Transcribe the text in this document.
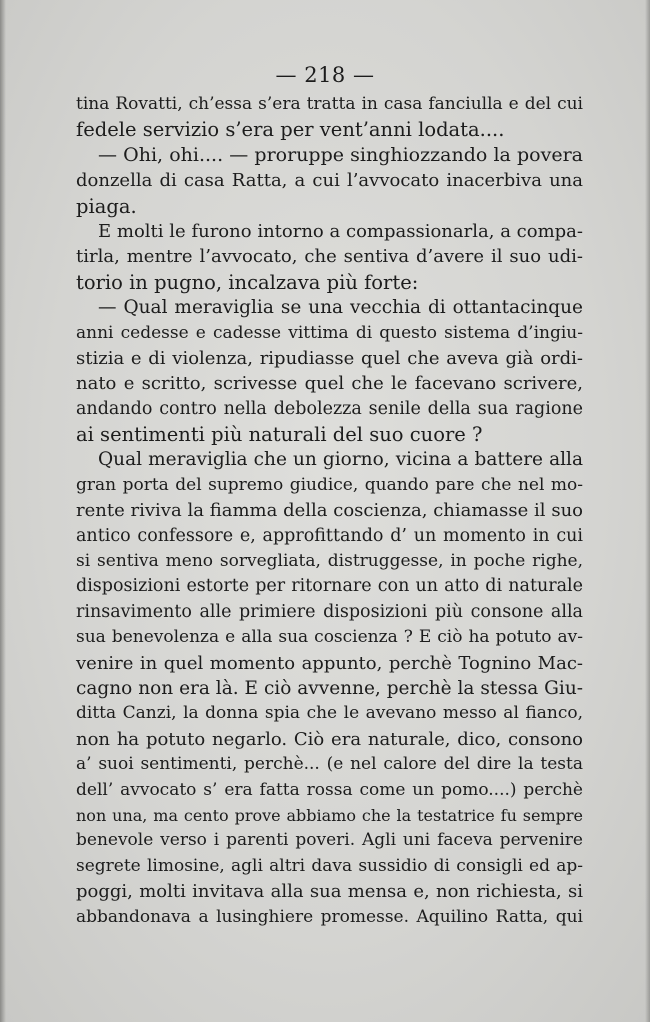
— 218 —
tina Rovatti, ch’essa s’era tratta in casa fanciulla e del cui
fedele servizio s’era per vent’anni lodata....
— Ohi, ohi.... — proruppe singhiozzando la povera
donzella di casa Ratta, a cui l’avvocato inacerbiva una
piaga.
E molti le furono intorno a compassionarla, a compa-
tirla, mentre l’avvocato, che sentiva d’avere il suo udi-
torio in pugno, incalzava più forte:
— Qual meraviglia se una vecchia di ottantacinque
anni cedesse e cadesse vittima di questo sistema d’ingiu-
stizia e di violenza, ripudiasse quel che aveva già ordi-
nato e scritto, scrivesse quel che le facevano scrivere,
andando contro nella debolezza senile della sua ragione
ai sentimenti più naturali del suo cuore ?
Qual meraviglia che un giorno, vicina a battere alla
gran porta del supremo giudice, quando pare che nel mo-
rente riviva la fiamma della coscienza, chiamasse il suo
antico confessore e, approfittando d’ un momento in cui
si sentiva meno sorvegliata, distruggesse, in poche righe,
disposizioni estorte per ritornare con un atto di naturale
rinsavimento alle primiere disposizioni più consone alla
sua benevolenza e alla sua coscienza ? E ciò ha potuto av-
venire in quel momento appunto, perchè Tognino Mac-
cagno non era là. E ciò avvenne, perchè la stessa Giu-
ditta Canzi, la donna spia che le avevano messo al fianco,
non ha potuto negarlo. Ciò era naturale, dico, consono
a’ suoi sentimenti, perchè... (e nel calore del dire la testa
dell’ avvocato s’ era fatta rossa come un pomo....) perchè
non una, ma cento prove abbiamo che la testatrice fu sempre
benevole verso i parenti poveri. Agli uni faceva pervenire
segrete limosine, agli altri dava sussidio di consigli ed ap-
poggi, molti invitava alla sua mensa e, non richiesta, si
abbandonava a lusinghiere promesse. Aquilino Ratta, qui
